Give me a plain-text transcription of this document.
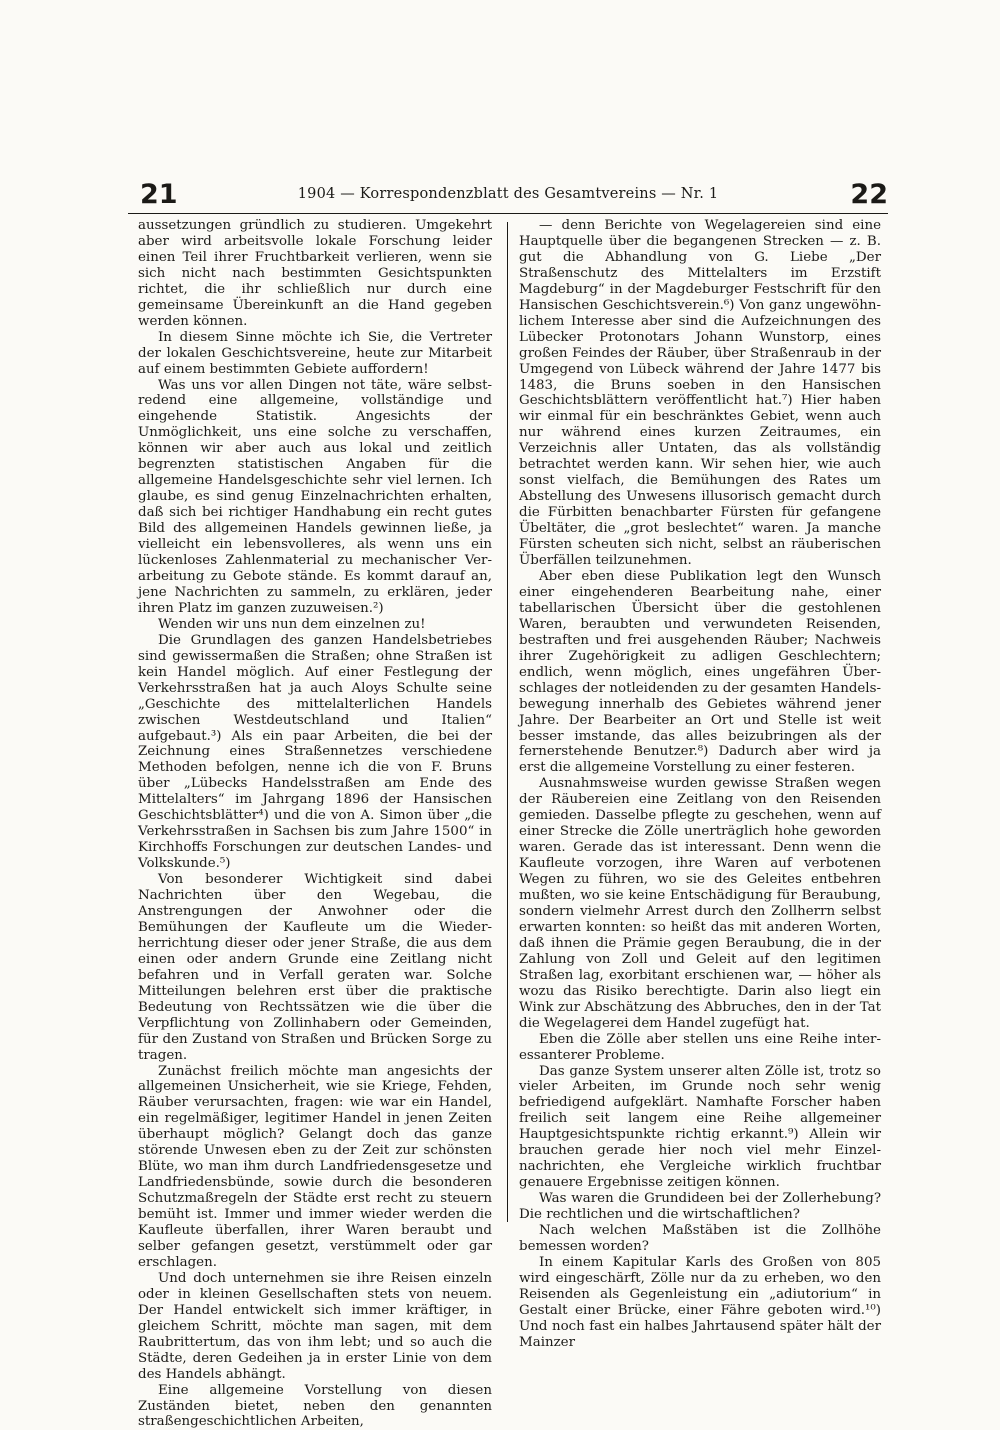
21	1904 — Korrespondenzblatt des Gesamtvereins — Nr. 1	22

aussetzungen gründlich zu studieren. Umgekehrt aber wird arbeitsvolle lokale Forschung leider einen Teil ihrer Fruchtbarkeit verlieren, wenn sie sich nicht nach bestimmten Gesichtspunkten richtet, die ihr schließlich nur durch eine gemeinsame Übereinkunft an die Hand gegeben werden können.

In diesem Sinne möchte ich Sie, die Vertreter der lokalen Geschichtsvereine, heute zur Mitarbeit auf einem bestimmten Gebiete auffordern!

Was uns vor allen Dingen not täte, wäre selbstredend eine allgemeine, vollständige und eingehende Statistik. Angesichts der Unmöglichkeit, uns eine solche zu verschaffen, können wir aber auch aus lokal und zeitlich begrenzten statistischen Angaben für die allgemeine Handelsgeschichte sehr viel lernen. Ich glaube, es sind genug Einzelnachrichten erhalten, daß sich bei richtiger Handhabung ein recht gutes Bild des allgemeinen Handels gewinnen ließe, ja vielleicht ein lebensvolleres, als wenn uns ein lückenloses Zahlenmaterial zu mechanischer Verarbeitung zu Gebote stände. Es kommt darauf an, jene Nachrichten zu sammeln, zu erklären, jeder ihren Platz im ganzen zuzuweisen.²)

Wenden wir uns nun dem einzelnen zu!

Die Grundlagen des ganzen Handelsbetriebes sind gewissermaßen die Straßen; ohne Straßen ist kein Handel möglich. Auf einer Festlegung der Verkehrsstraßen hat ja auch Aloys Schulte seine „Geschichte des mittelalterlichen Handels zwischen Westdeutschland und Italien“ aufgebaut.³) Als ein paar Arbeiten, die bei der Zeichnung eines Straßennetzes verschiedene Methoden befolgen, nenne ich die von F. Bruns über „Lübecks Handelsstraßen am Ende des Mittelalters“ im Jahrgang 1896 der Hansischen Geschichtsblätter⁴) und die von A. Simon über „die Verkehrsstraßen in Sachsen bis zum Jahre 1500“ in Kirchhoffs Forschungen zur deutschen Landes- und Volkskunde.⁵)

Von besonderer Wichtigkeit sind dabei Nachrichten über den Wegebau, die Anstrengungen der Anwohner oder die Bemühungen der Kaufleute um die Wiederherrichtung dieser oder jener Straße, die aus dem einen oder andern Grunde eine Zeitlang nicht befahren und in Verfall geraten war. Solche Mitteilungen belehren erst über die praktische Bedeutung von Rechtssätzen wie die über die Verpflichtung von Zollinhabern oder Gemeinden, für den Zustand von Straßen und Brücken Sorge zu tragen.

Zunächst freilich möchte man angesichts der allgemeinen Unsicherheit, wie sie Kriege, Fehden, Räuber verursachten, fragen: wie war ein Handel, ein regelmäßiger, legitimer Handel in jenen Zeiten überhaupt möglich? Gelangt doch das ganze störende Unwesen eben zu der Zeit zur schönsten Blüte, wo man ihm durch Landfriedensgesetze und Landfriedensbünde, sowie durch die besonderen Schutzmaßregeln der Städte erst recht zu steuern bemüht ist. Immer und immer wieder werden die Kaufleute überfallen, ihrer Waren beraubt und selber gefangen gesetzt, verstümmelt oder gar erschlagen.

Und doch unternehmen sie ihre Reisen einzeln oder in kleinen Gesellschaften stets von neuem. Der Handel entwickelt sich immer kräftiger, in gleichem Schritt, möchte man sagen, mit dem Raubrittertum, das von ihm lebt; und so auch die Städte, deren Gedeihen ja in erster Linie von dem des Handels abhängt.

Eine allgemeine Vorstellung von diesen Zuständen bietet, neben den genannten straßengeschichtlichen Arbeiten,

— denn Berichte von Wegelagereien sind eine Hauptquelle über die begangenen Strecken — z. B. gut die Abhandlung von G. Liebe „Der Straßenschutz des Mittelalters im Erzstift Magdeburg“ in der Magdeburger Festschrift für den Hansischen Geschichtsverein.⁶) Von ganz ungewöhnlichem Interesse aber sind die Aufzeichnungen des Lübecker Protonotars Johann Wunstorp, eines großen Feindes der Räuber, über Straßenraub in der Umgegend von Lübeck während der Jahre 1477 bis 1483, die Bruns soeben in den Hansischen Geschichtsblättern veröffentlicht hat.⁷) Hier haben wir einmal für ein beschränktes Gebiet, wenn auch nur während eines kurzen Zeitraumes, ein Verzeichnis aller Untaten, das als vollständig betrachtet werden kann. Wir sehen hier, wie auch sonst vielfach, die Bemühungen des Rates um Abstellung des Unwesens illusorisch gemacht durch die Fürbitten benachbarter Fürsten für gefangene Übeltäter, die „grot beslechtet“ waren. Ja manche Fürsten scheuten sich nicht, selbst an räuberischen Überfällen teilzunehmen.

Aber eben diese Publikation legt den Wunsch einer eingehenderen Bearbeitung nahe, einer tabellarischen Übersicht über die gestohlenen Waren, beraubten und verwundeten Reisenden, bestraften und frei ausgehenden Räuber; Nachweis ihrer Zugehörigkeit zu adligen Geschlechtern; endlich, wenn möglich, eines ungefähren Überschlages der notleidenden zu der gesamten Handelsbewegung innerhalb des Gebietes während jener Jahre. Der Bearbeiter an Ort und Stelle ist weit besser imstande, das alles beizubringen als der fernerstehende Benutzer.⁸) Dadurch aber wird ja erst die allgemeine Vorstellung zu einer festeren.

Ausnahmsweise wurden gewisse Straßen wegen der Räubereien eine Zeitlang von den Reisenden gemieden. Dasselbe pflegte zu geschehen, wenn auf einer Strecke die Zölle unerträglich hohe geworden waren. Gerade das ist interessant. Denn wenn die Kaufleute vorzogen, ihre Waren auf verbotenen Wegen zu führen, wo sie des Geleites entbehren mußten, wo sie keine Entschädigung für Beraubung, sondern vielmehr Arrest durch den Zollherrn selbst erwarten konnten: so heißt das mit anderen Worten, daß ihnen die Prämie gegen Beraubung, die in der Zahlung von Zoll und Geleit auf den legitimen Straßen lag, exorbitant erschienen war, — höher als wozu das Risiko berechtigte. Darin also liegt ein Wink zur Abschätzung des Abbruches, den in der Tat die Wegelagerei dem Handel zugefügt hat.

Eben die Zölle aber stellen uns eine Reihe interessanterer Probleme.

Das ganze System unserer alten Zölle ist, trotz so vieler Arbeiten, im Grunde noch sehr wenig befriedigend aufgeklärt. Namhafte Forscher haben freilich seit langem eine Reihe allgemeiner Hauptgesichtspunkte richtig erkannt.⁹) Allein wir brauchen gerade hier noch viel mehr Einzelnachrichten, ehe Vergleiche wirklich fruchtbar genauere Ergebnisse zeitigen können.

Was waren die Grundideen bei der Zollerhebung? Die rechtlichen und die wirtschaftlichen?

Nach welchen Maßstäben ist die Zollhöhe bemessen worden?

In einem Kapitular Karls des Großen von 805 wird eingeschärft, Zölle nur da zu erheben, wo den Reisenden als Gegenleistung ein „adiutorium“ in Gestalt einer Brücke, einer Fähre geboten wird.¹⁰) Und noch fast ein halbes Jahrtausend später hält der Mainzer
